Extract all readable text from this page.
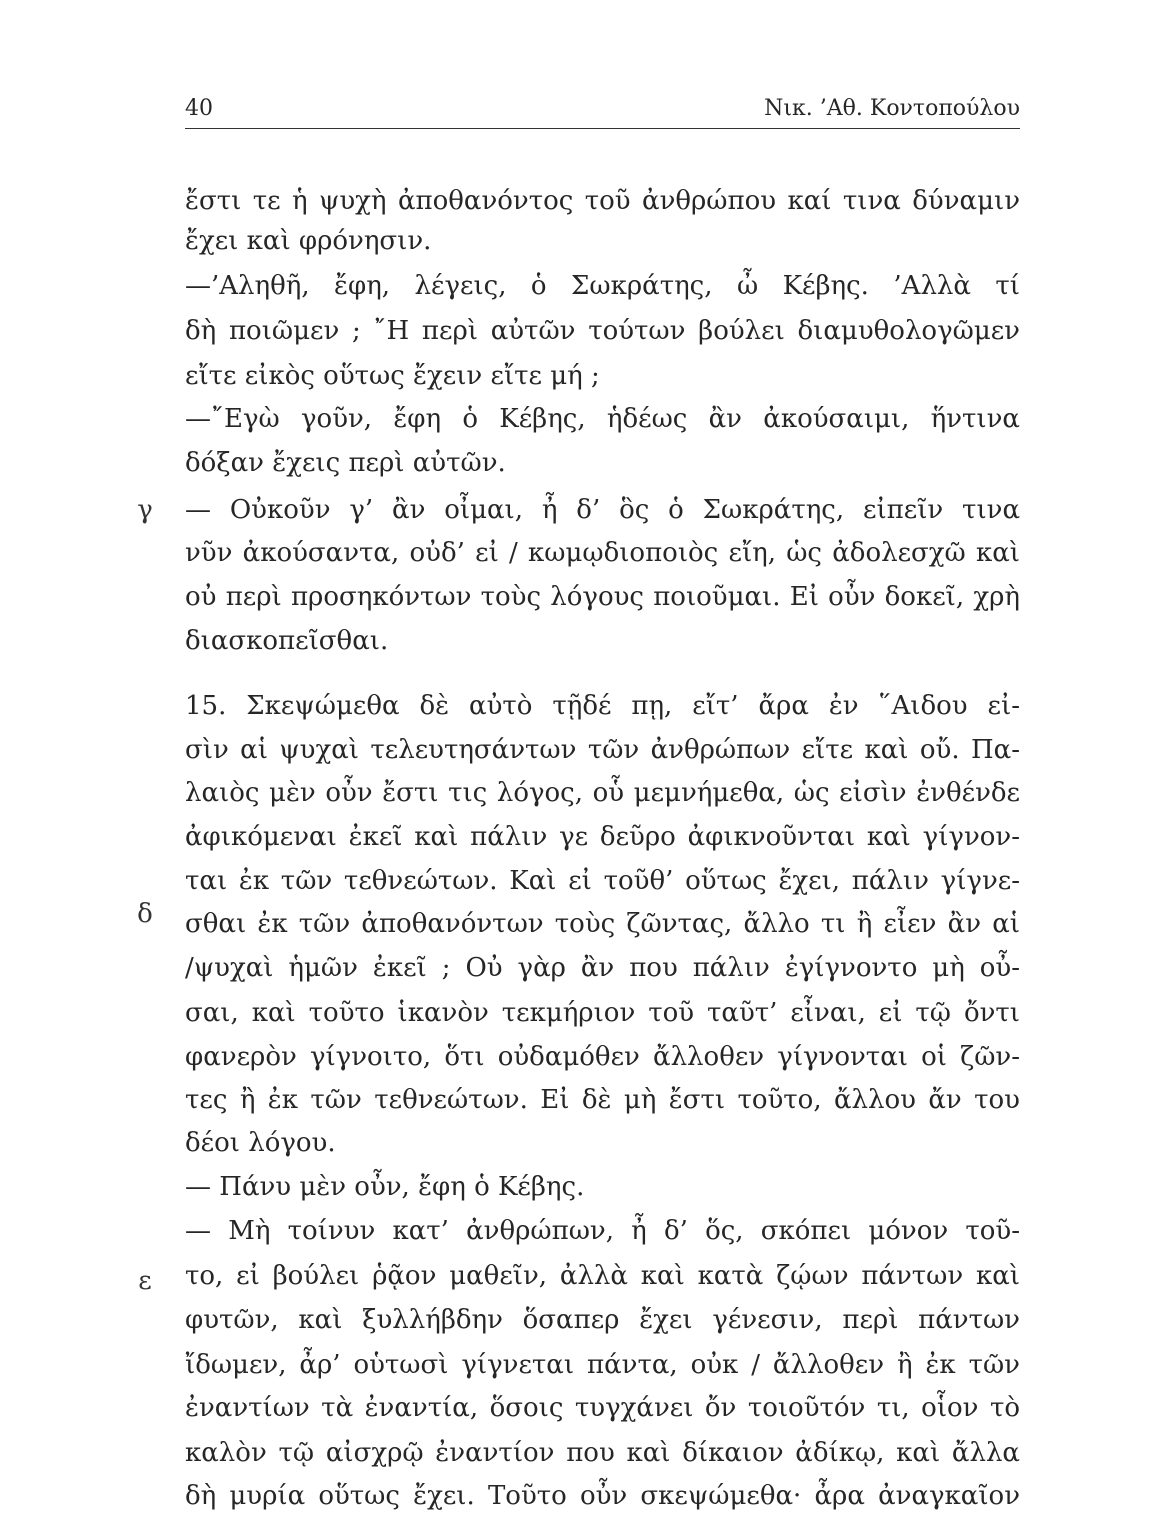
40	Νικ. ’Αθ. Κοντοπούλου
γ
δ
ε
ἔστι τε ἡ ψυχὴ ἀποθανόντος τοῦ ἀνθρώπου καί τινα δύναμιν
ἔχει καὶ φρόνησιν.
—’Αληθῆ, ἔφη, λέγεις, ὁ Σωκράτης, ὦ Κέβης. ’Αλλὰ τί
δὴ ποιῶμεν ; ῎Η περὶ αὐτῶν τούτων βούλει διαμυθολογῶμεν
εἴτε εἰκὸς οὕτως ἔχειν εἴτε μή ;
—῎Εγὼ γοῦν, ἔφη ὁ Κέβης, ἡδέως ἂν ἀκούσαιμι, ἥντινα
δόξαν ἔχεις περὶ αὐτῶν.
— Οὐκοῦν γ’ ἂν οἶμαι, ἦ δ’ ὃς ὁ Σωκράτης, εἰπεῖν τινα
νῦν ἀκούσαντα, οὐδ’ εἰ / κωμῳδιοποιὸς εἴη, ὡς ἀδολεσχῶ καὶ
οὐ περὶ προσηκόντων τοὺς λόγους ποιοῦμαι. Εἰ οὖν δοκεῖ, χρὴ
διασκοπεῖσθαι.
15. Σκεψώμεθα δὲ αὐτὸ τῇδέ πῃ, εἴτ’ ἄρα ἐν ῞Αιδου εἰ-
σὶν αἱ ψυχαὶ τελευτησάντων τῶν ἀνθρώπων εἴτε καὶ οὔ. Πα-
λαιὸς μὲν οὖν ἔστι τις λόγος, οὗ μεμνήμεθα, ὡς εἰσὶν ἐνθένδε
ἀφικόμεναι ἐκεῖ καὶ πάλιν γε δεῦρο ἀφικνοῦνται καὶ γίγνον-
ται ἐκ τῶν τεθνεώτων. Καὶ εἰ τοῦθ’ οὕτως ἔχει, πάλιν γίγνε-
σθαι ἐκ τῶν ἀποθανόντων τοὺς ζῶντας, ἄλλο τι ἢ εἶεν ἂν αἱ
/ψυχαὶ ἡμῶν ἐκεῖ ; Οὐ γὰρ ἂν που πάλιν ἐγίγνοντο μὴ οὖ-
σαι, καὶ τοῦτο ἱκανὸν τεκμήριον τοῦ ταῦτ’ εἶναι, εἰ τῷ ὄντι
φανερὸν γίγνοιτο, ὅτι οὐδαμόθεν ἄλλοθεν γίγνονται οἱ ζῶν-
τες ἢ ἐκ τῶν τεθνεώτων. Εἰ δὲ μὴ ἔστι τοῦτο, ἄλλου ἄν του
δέοι λόγου.
— Πάνυ μὲν οὖν, ἔφη ὁ Κέβης.
— Μὴ τοίνυν κατ’ ἀνθρώπων, ἦ δ’ ὅς, σκόπει μόνον τοῦ-
το, εἰ βούλει ῥᾷον μαθεῖν, ἀλλὰ καὶ κατὰ ζῴων πάντων καὶ
φυτῶν, καὶ ξυλλήβδην ὅσαπερ ἔχει γένεσιν, περὶ πάντων
ἴδωμεν, ἆρ’ οὑτωσὶ γίγνεται πάντα, οὐκ / ἄλλοθεν ἢ ἐκ τῶν
ἐναντίων τὰ ἐναντία, ὅσοις τυγχάνει ὄν τοιοῦτόν τι, οἷον τὸ
καλὸν τῷ αἰσχρῷ ἐναντίον που καὶ δίκαιον ἀδίκῳ, καὶ ἄλλα
δὴ μυρία οὕτως ἔχει. Τοῦτο οὖν σκεψώμεθα· ἆρα ἀναγκαῖον
